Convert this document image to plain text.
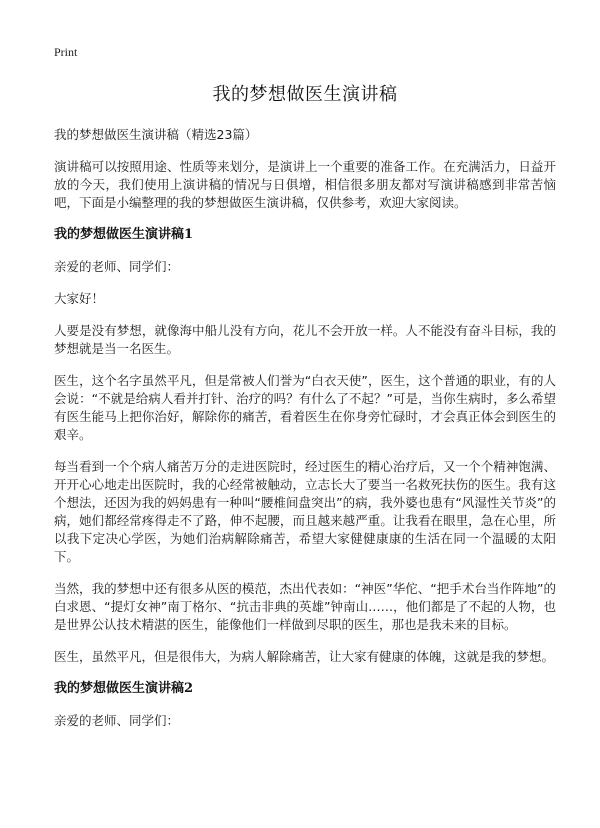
Print
我的梦想做医生演讲稿
我的梦想做医生演讲稿（精选23篇）

演讲稿可以按照用途、性质等来划分，是演讲上一个重要的准备工作。在充满活力，日益开放的今天，我们使用上演讲稿的情况与日俱增，相信很多朋友都对写演讲稿感到非常苦恼吧，下面是小编整理的我的梦想做医生演讲稿，仅供参考，欢迎大家阅读。

我的梦想做医生演讲稿1

亲爱的老师、同学们：

大家好！

人要是没有梦想，就像海中船儿没有方向，花儿不会开放一样。人不能没有奋斗目标，我的梦想就是当一名医生。

医生，这个名字虽然平凡，但是常被人们誉为“白衣天使”，医生，这个普通的职业，有的人会说：“不就是给病人看并打针、治疗的吗？有什么了不起？”可是，当你生病时，多么希望有医生能马上把你治好，解除你的痛苦，看着医生在你身旁忙碌时，才会真正体会到医生的艰辛。

每当看到一个个病人痛苦万分的走进医院时，经过医生的精心治疗后，又一个个精神饱满、开开心心地走出医院时，我的心经常被触动，立志长大了要当一名救死扶伤的医生。我有这个想法，还因为我的妈妈患有一种叫“腰椎间盘突出”的病，我外婆也患有“风湿性关节炎”的病，她们都经常疼得走不了路，伸不起腰，而且越来越严重。让我看在眼里，急在心里，所以我下定决心学医，为她们治病解除痛苦，希望大家健健康康的生活在同一个温暖的太阳下。

当然，我的梦想中还有很多从医的模范，杰出代表如：“神医”华佗、“把手术台当作阵地”的白求恩、“提灯女神”南丁格尔、“抗击非典的英雄”钟南山……，他们都是了不起的人物，也是世界公认技术精湛的医生，能像他们一样做到尽职的医生，那也是我未来的目标。

医生，虽然平凡，但是很伟大，为病人解除痛苦，让大家有健康的体魄，这就是我的梦想。

我的梦想做医生演讲稿2

亲爱的老师、同学们：
